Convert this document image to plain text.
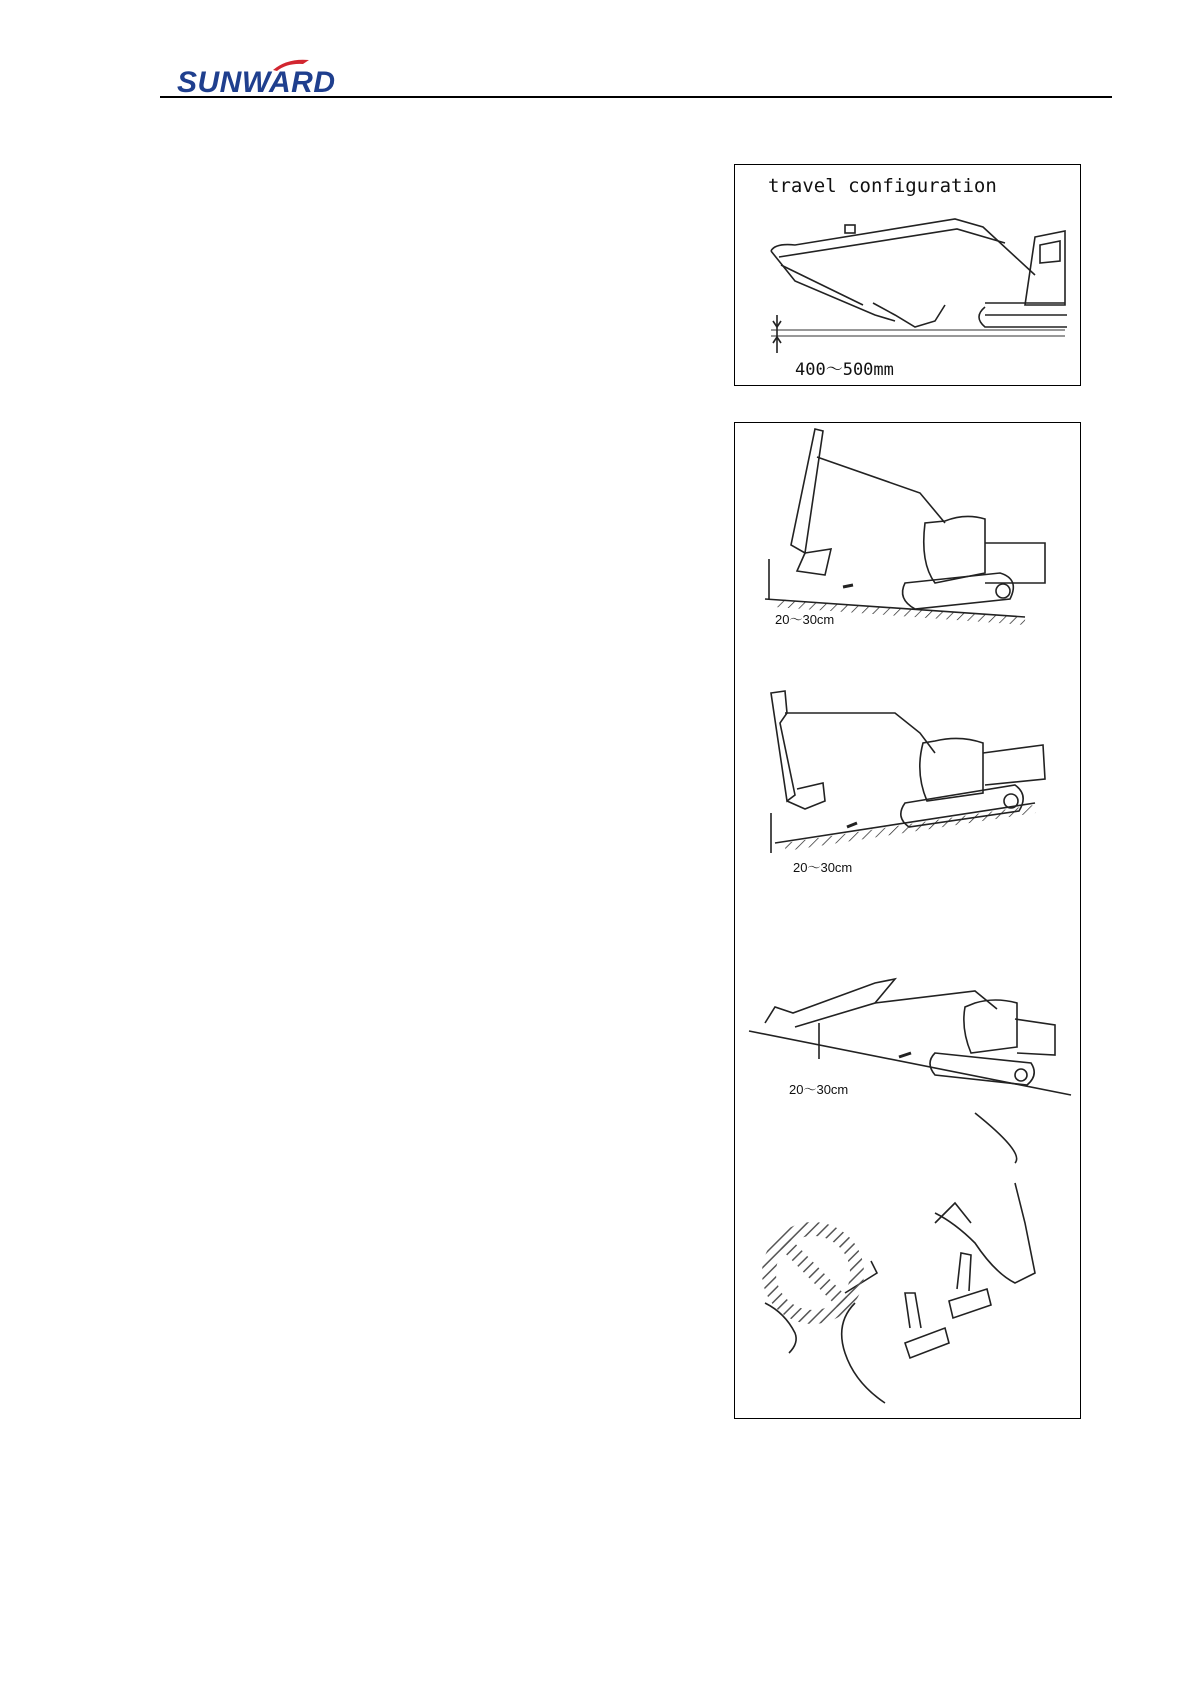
SUNWARD
travel configuration
400～500mm
20～30cm
20～30cm
20～30cm
